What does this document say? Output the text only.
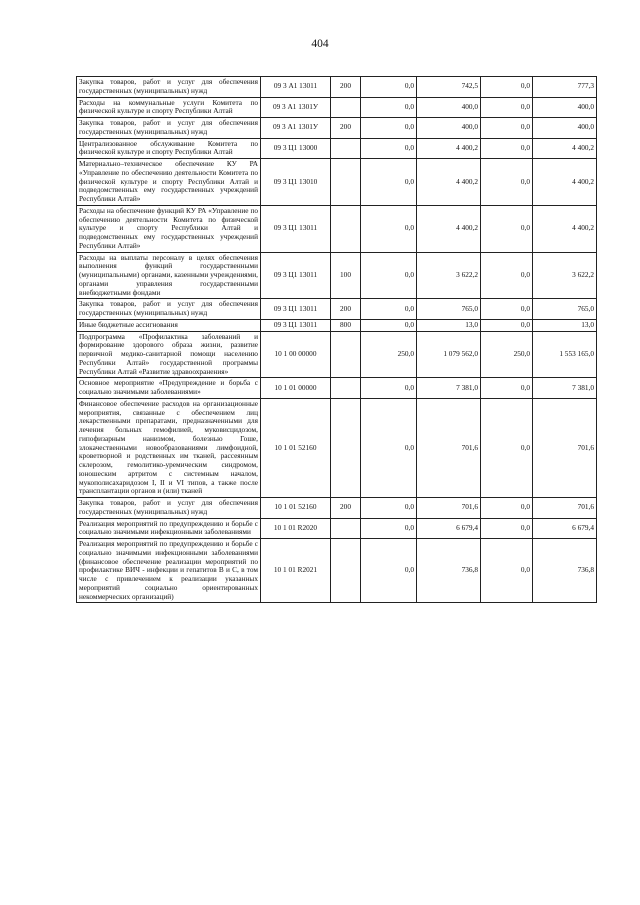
404
Закупка товаров, работ и услуг для обеспечения государственных (муниципальных) нужд	09 3 А1 13011	200	0,0	742,5	0,0	777,3
Расходы на коммунальные услуги Комитета по физической культуре и спорту Республики Алтай	09 3 А1 1301У		0,0	400,0	0,0	400,0
Закупка товаров, работ и услуг для обеспечения государственных (муниципальных) нужд	09 3 А1 1301У	200	0,0	400,0	0,0	400,0
Централизованное обслуживание Комитета по физической культуре и спорту Республики Алтай	09 3 Ц1 13000		0,0	4 400,2	0,0	4 400,2
Материально–техническое обеспечение КУ РА «Управление по обеспечению деятельности Комитета по физической культуре и спорту Республики Алтай и подведомственных ему государственных учреждений Республики Алтай»	09 3 Ц1 13010		0,0	4 400,2	0,0	4 400,2
Расходы на обеспечение функций КУ РА «Управление по обеспечению деятельности Комитета по физической культуре и спорту Республики Алтай и подведомственных ему государственных учреждений Республики Алтай»	09 3 Ц1 13011		0,0	4 400,2	0,0	4 400,2
Расходы на выплаты персоналу в целях обеспечения выполнения функций государственными (муниципальными) органами, казенными учреждениями, органами управления государственными внебюджетными фондами	09 3 Ц1 13011	100	0,0	3 622,2	0,0	3 622,2
Закупка товаров, работ и услуг для обеспечения государственных (муниципальных) нужд	09 3 Ц1 13011	200	0,0	765,0	0,0	765,0
Иные бюджетные ассигнования	09 3 Ц1 13011	800	0,0	13,0	0,0	13,0
Подпрограмма «Профилактика заболеваний и формирование здорового образа жизни, развитие первичной медико-санитарной помощи населению Республики Алтай» государственной программы Республики Алтай «Развитие здравоохранения»	10 1 00 00000		250,0	1 079 562,0	250,0	1 553 165,0
Основное мероприятие «Предупреждение и борьба с социально значимыми заболеваниями»	10 1 01 00000		0,0	7 381,0	0,0	7 381,0
Финансовое обеспечение расходов на организационные мероприятия, связанные с обеспечением лиц лекарственными препаратами, предназначенными для лечения больных гемофилией, муковисцидозом, гипофизарным нанизмом, болезнью Гоше, злокачественными новообразованиями лимфоидной, кроветворной и родственных им тканей, рассеянным склерозом, гемолитико-уремическим синдромом, юношеским артритом с системным началом, мукополисахаридозом I, II и VI типов, а также после трансплантации органов и (или) тканей	10 1 01 52160		0,0	701,6	0,0	701,6
Закупка товаров, работ и услуг для обеспечения государственных (муниципальных) нужд	10 1 01 52160	200	0,0	701,6	0,0	701,6
Реализация мероприятий по предупреждению и борьбе с социально значимыми инфекционными заболеваниями	10 1 01 R2020		0,0	6 679,4	0,0	6 679,4
Реализация мероприятий по предупреждению и борьбе с социально значимыми инфекционными заболеваниями (финансовое обеспечение реализации мероприятий по профилактике ВИЧ - инфекции и гепатитов В и С, в том числе с привлечением к реализации указанных мероприятий социально ориентированных некоммерческих организаций)	10 1 01 R2021		0,0	736,8	0,0	736,8
